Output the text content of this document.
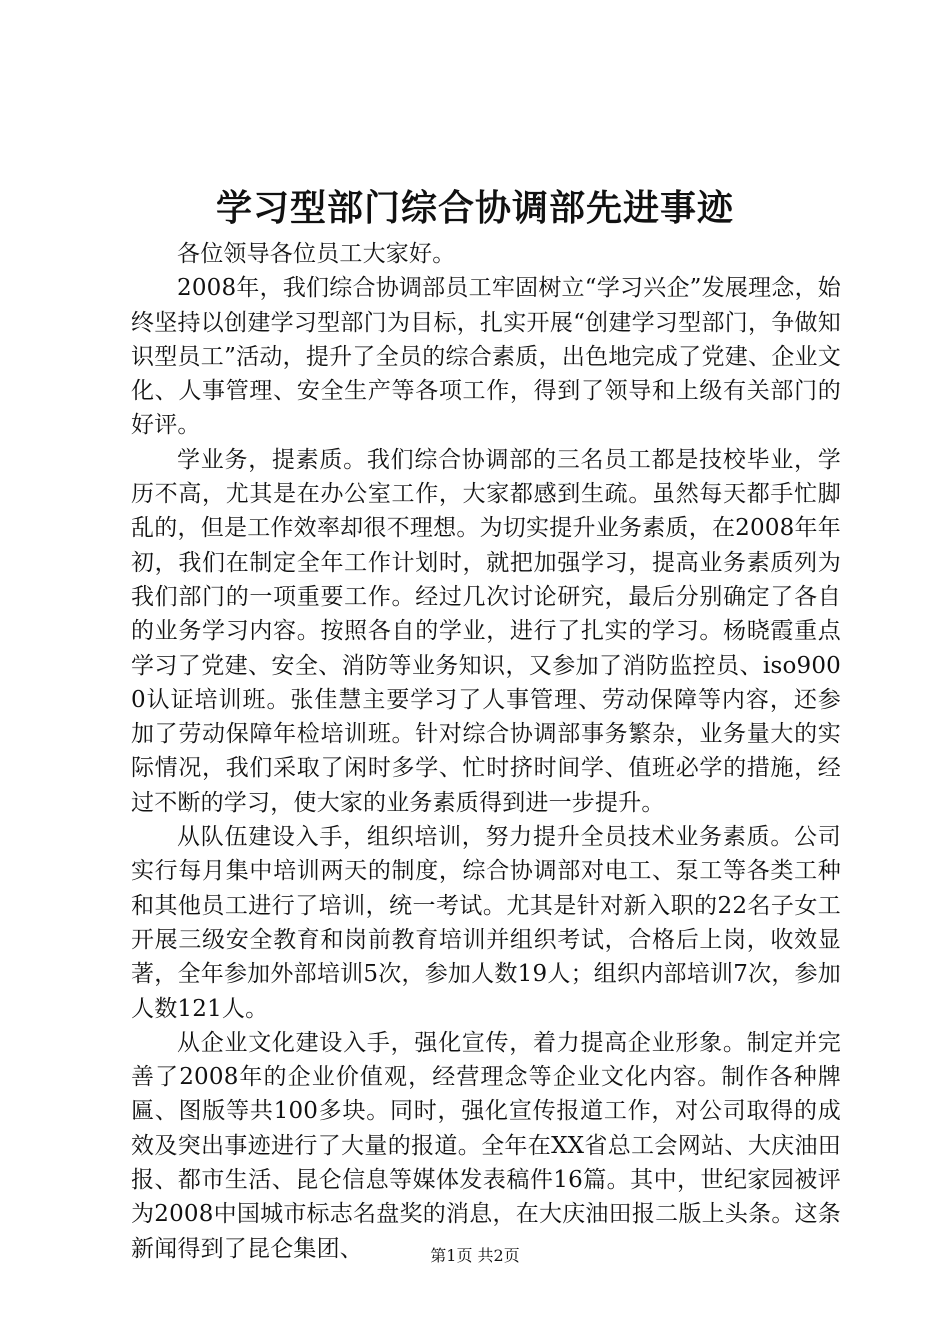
学习型部门综合协调部先进事迹

各位领导各位员工大家好。

2008年，我们综合协调部员工牢固树立“学习兴企”发展理念，始终坚持以创建学习型部门为目标，扎实开展“创建学习型部门，争做知识型员工”活动，提升了全员的综合素质，出色地完成了党建、企业文化、人事管理、安全生产等各项工作，得到了领导和上级有关部门的好评。

学业务，提素质。我们综合协调部的三名员工都是技校毕业，学历不高，尤其是在办公室工作，大家都感到生疏。虽然每天都手忙脚乱的，但是工作效率却很不理想。为切实提升业务素质，在2008年年初，我们在制定全年工作计划时，就把加强学习，提高业务素质列为我们部门的一项重要工作。经过几次讨论研究，最后分别确定了各自的业务学习内容。按照各自的学业，进行了扎实的学习。杨晓霞重点学习了党建、安全、消防等业务知识，又参加了消防监控员、iso9000认证培训班。张佳慧主要学习了人事管理、劳动保障等内容，还参加了劳动保障年检培训班。针对综合协调部事务繁杂，业务量大的实际情况，我们采取了闲时多学、忙时挤时间学、值班必学的措施，经过不断的学习，使大家的业务素质得到进一步提升。

从队伍建设入手，组织培训，努力提升全员技术业务素质。公司实行每月集中培训两天的制度，综合协调部对电工、泵工等各类工种和其他员工进行了培训，统一考试。尤其是针对新入职的22名子女工开展三级安全教育和岗前教育培训并组织考试，合格后上岗，收效显著，全年参加外部培训5次，参加人数19人；组织内部培训7次，参加人数121人。

从企业文化建设入手，强化宣传，着力提高企业形象。制定并完善了2008年的企业价值观，经营理念等企业文化内容。制作各种牌匾、图版等共100多块。同时，强化宣传报道工作，对公司取得的成效及突出事迹进行了大量的报道。全年在XX省总工会网站、大庆油田报、都市生活、昆仑信息等媒体发表稿件16篇。其中，世纪家园被评为2008中国城市标志名盘奖的消息，在大庆油田报二版上头条。这条新闻得到了昆仑集团、	第1页 共2页
